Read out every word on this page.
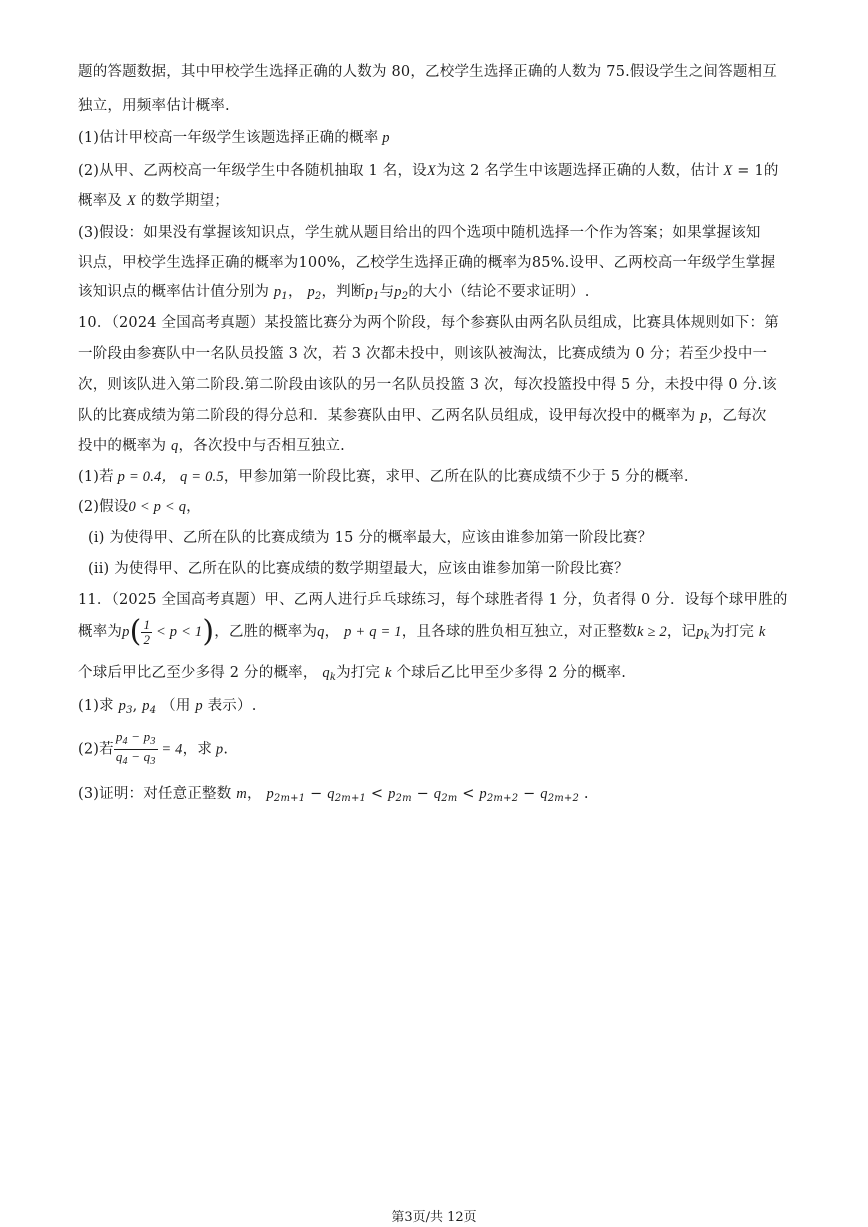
题的答题数据，其中甲校学生选择正确的人数为 80，乙校学生选择正确的人数为 75.假设学生之间答题相互
独立，用频率估计概率.
(1)估计甲校高一年级学生该题选择正确的概率 p
(2)从甲、乙两校高一年级学生中各随机抽取 1 名，设X为这 2 名学生中该题选择正确的人数，估计 X = 1的
概率及 X 的数学期望；
(3)假设：如果没有掌握该知识点，学生就从题目给出的四个选项中随机选择一个作为答案；如果掌握该知
识点，甲校学生选择正确的概率为100%，乙校学生选择正确的概率为85%.设甲、乙两校高一年级学生掌握
该知识点的概率估计值分别为 $p_1$， $p_2$，判断$p_1$与$p_2$的大小（结论不要求证明）.
10．（2024 全国高考真题）某投篮比赛分为两个阶段，每个参赛队由两名队员组成，比赛具体规则如下：第
一阶段由参赛队中一名队员投篮 3 次，若 3 次都未投中，则该队被淘汰，比赛成绩为 0 分；若至少投中一
次，则该队进入第二阶段.第二阶段由该队的另一名队员投篮 3 次，每次投篮投中得 5 分，未投中得 0 分.该
队的比赛成绩为第二阶段的得分总和．某参赛队由甲、乙两名队员组成，设甲每次投中的概率为 p，乙每次
投中的概率为 q，各次投中与否相互独立.
(1)若 p = 0.4， q = 0.5，甲参加第一阶段比赛，求甲、乙所在队的比赛成绩不少于 5 分的概率.
(2)假设0 < p < q，
(i) 为使得甲、乙所在队的比赛成绩为 15 分的概率最大，应该由谁参加第一阶段比赛？
(ii) 为使得甲、乙所在队的比赛成绩的数学期望最大，应该由谁参加第一阶段比赛？
11．（2025 全国高考真题）甲、乙两人进行乒乓球练习，每个球胜者得 1 分，负者得 0 分．设每个球甲胜的
概率为$p( \frac{1}{2} < p < 1)$，乙胜的概率为q， p + q = 1，且各球的胜负相互独立，对正整数k ≥ 2，记$p_k$为打完 k
个球后甲比乙至少多得 2 分的概率， $q_k$为打完 k 个球后乙比甲至少多得 2 分的概率.
(1)求 $p_3$, $p_4$ （用 p 表示）.
(2)若 $\frac{p_4 - p_3}{q_4 - q_3} = 4$，求 p.
(3)证明：对任意正整数 m， $p_{2m+1} - q_{2m+1} < p_{2m} - q_{2m} < p_{2m+2} - q_{2m+2}$ .
第3页/共 12页
